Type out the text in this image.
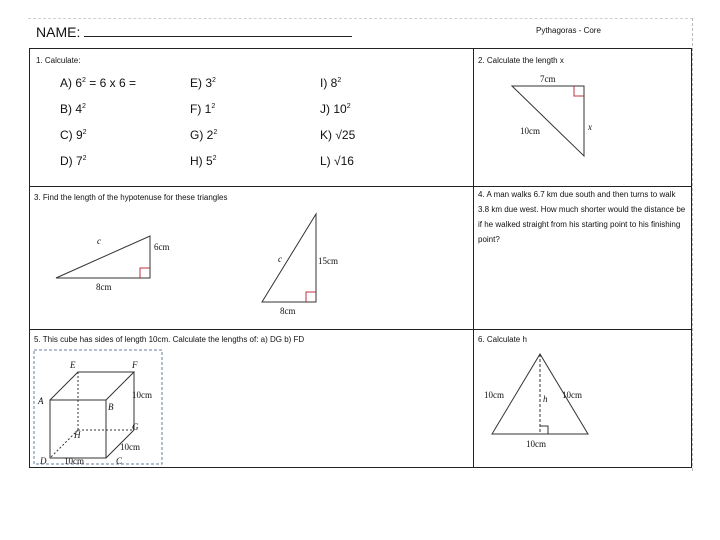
NAME:	Pythagoras - Core
1. Calculate:
A) $6^2 = 6$ x 6 =	E) $3^2$	I) $8^2$
B) $4^2$	F) $1^2$	J) $10^2$
C) $9^2$	G) $2^2$	K) √25
D) $7^2$	H) $5^2$	L) √16
2. Calculate the length x
7cm
10cm	x
3. Find the length of the hypotenuse for these triangles
c
6cm
8cm
c	15cm
8cm
4. A man walks 6.7 km due south and then turns to walk 3.8 km due west. How much shorter would the distance be if he walked straight from his starting point to his finishing point?
5. This cube has sides of length 10cm. Calculate the lengths of: a) DG b) FD
E	F
A
B
H
G
D	C
10cm
10cm
10cm
6. Calculate h
10cm	10cm
h
10cm
